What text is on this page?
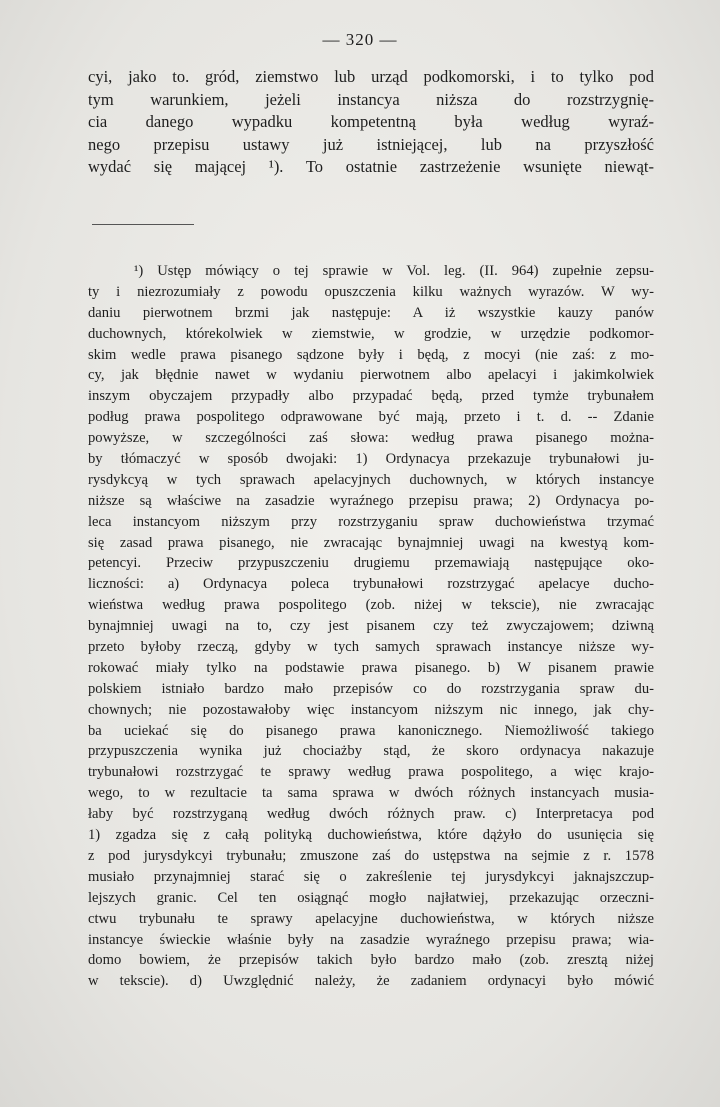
— 320 —
cyi, jako to. gród, ziemstwo lub urząd podkomorski, i to tylko pod
tym warunkiem, jeżeli instancya niższa do rozstrzygnię-
cia danego wypadku kompetentną była według wyraź-
nego przepisu ustawy już istniejącej, lub na przyszłość
wydać się mającej ¹). To ostatnie zastrzeżenie wsunięte niewąt-
¹) Ustęp mówiący o tej sprawie w Vol. leg. (II. 964) zupełnie zepsu-
ty i niezrozumiały z powodu opuszczenia kilku ważnych wyrazów. W wy-
daniu pierwotnem brzmi jak następuje: A iż wszystkie kauzy panów
duchownych, którekolwiek w ziemstwie, w grodzie, w urzędzie podkomor-
skim wedle prawa pisanego sądzone były i będą, z mocyi (nie zaś: z mo-
cy, jak błędnie nawet w wydaniu pierwotnem albo apelacyi i jakimkolwiek
inszym obyczajem przypadły albo przypadać będą, przed tymże trybunałem
podług prawa pospolitego odprawowane być mają, przeto i t. d. -- Zdanie
powyższe, w szczególności zaś słowa: według prawa pisanego można-
by tłómaczyć w sposób dwojaki: 1) Ordynacya przekazuje trybunałowi ju-
rysdykcyą w tych sprawach apelacyjnych duchownych, w których instancye
niższe są właściwe na zasadzie wyraźnego przepisu prawa; 2) Ordynacya po-
leca instancyom niższym przy rozstrzyganiu spraw duchowieństwa trzymać
się zasad prawa pisanego, nie zwracając bynajmniej uwagi na kwestyą kom-
petencyi. Przeciw przypuszczeniu drugiemu przemawiają następujące oko-
liczności: a) Ordynacya poleca trybunałowi rozstrzygać apelacye ducho-
wieństwa według prawa pospolitego (zob. niżej w tekscie), nie zwracając
bynajmniej uwagi na to, czy jest pisanem czy też zwyczajowem; dziwną
przeto byłoby rzeczą, gdyby w tych samych sprawach instancye niższe wy-
rokować miały tylko na podstawie prawa pisanego. b) W pisanem prawie
polskiem istniało bardzo mało przepisów co do rozstrzygania spraw du-
chownych; nie pozostawałoby więc instancyom niższym nic innego, jak chy-
ba uciekać się do pisanego prawa kanonicznego. Niemożliwość takiego
przypuszczenia wynika już chociażby stąd, że skoro ordynacya nakazuje
trybunałowi rozstrzygać te sprawy według prawa pospolitego, a więc krajo-
wego, to w rezultacie ta sama sprawa w dwóch różnych instancyach musia-
łaby być rozstrzyganą według dwóch różnych praw. c) Interpretacya pod
1) zgadza się z całą polityką duchowieństwa, które dążyło do usunięcia się
z pod jurysdykcyi trybunału; zmuszone zaś do ustępstwa na sejmie z r. 1578
musiało przynajmniej starać się o zakreślenie tej jurysdykcyi jaknajszczup-
lejszych granic. Cel ten osiągnąć mogło najłatwiej, przekazując orzeczni-
ctwu trybunału te sprawy apelacyjne duchowieństwa, w których niższe
instancye świeckie właśnie były na zasadzie wyraźnego przepisu prawa; wia-
domo bowiem, że przepisów takich było bardzo mało (zob. zresztą niżej
w tekscie). d) Uwzględnić należy, że zadaniem ordynacyi było mówić
